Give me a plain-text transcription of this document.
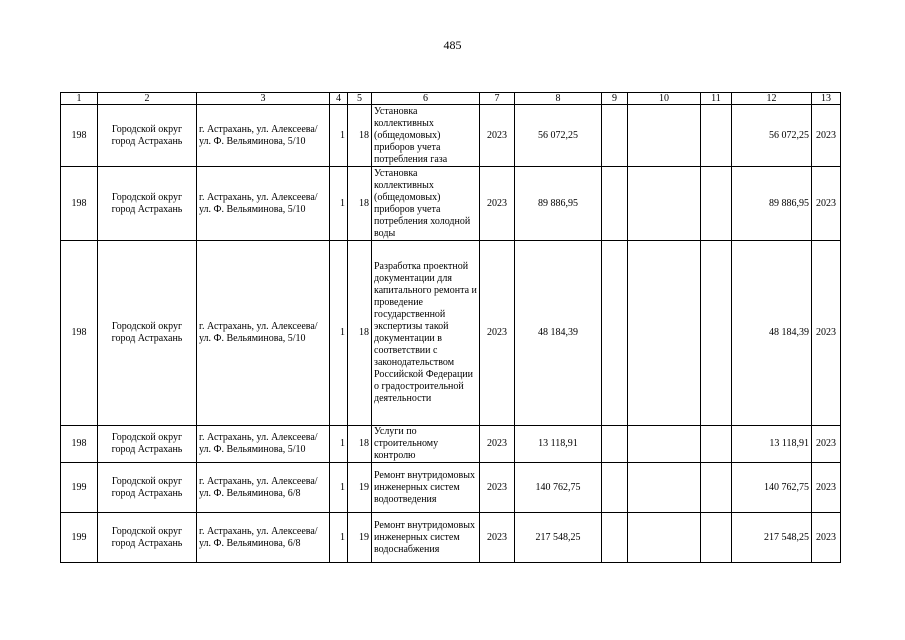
485
1	2	3	4	5	6	7	8	9	10	11	12	13
198	Городской округ город Астрахань	г. Астрахань, ул. Алексеева/ ул. Ф. Вельяминова, 5/10	1	18	Установка коллективных (общедомовых) приборов учета потребления газа	2023	56 072,25				56 072,25	2023
198	Городской округ город Астрахань	г. Астрахань, ул. Алексеева/ ул. Ф. Вельяминова, 5/10	1	18	Установка коллективных (общедомовых) приборов учета потребления холодной воды	2023	89 886,95				89 886,95	2023
198	Городской округ город Астрахань	г. Астрахань, ул. Алексеева/ ул. Ф. Вельяминова, 5/10	1	18	Разработка проектной документации для капитального ремонта и проведение государственной экспертизы такой документации в соответствии с законодательством Российской Федерации о градостроительной деятельности	2023	48 184,39				48 184,39	2023
198	Городской округ город Астрахань	г. Астрахань, ул. Алексеева/ ул. Ф. Вельяминова, 5/10	1	18	Услуги по строительному контролю	2023	13 118,91				13 118,91	2023
199	Городской округ город Астрахань	г. Астрахань, ул. Алексеева/ ул. Ф. Вельяминова, 6/8	1	19	Ремонт внутридомовых инженерных систем водоотведения	2023	140 762,75				140 762,75	2023
199	Городской округ город Астрахань	г. Астрахань, ул. Алексеева/ ул. Ф. Вельяминова, 6/8	1	19	Ремонт внутридомовых инженерных систем водоснабжения	2023	217 548,25				217 548,25	2023
